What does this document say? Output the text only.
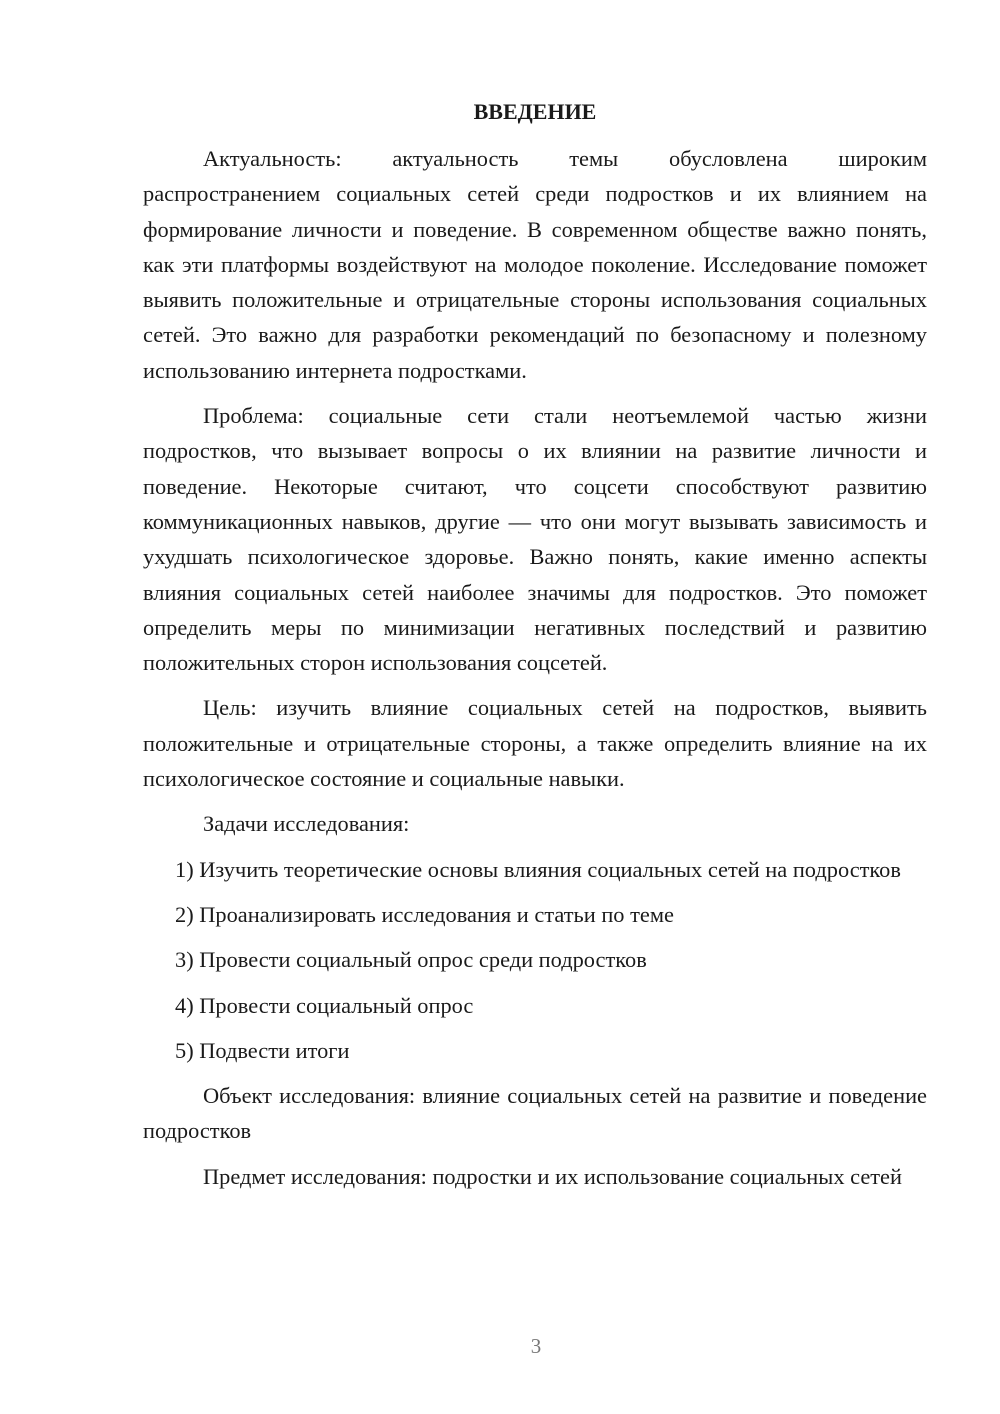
ВВЕДЕНИЕ

Актуальность: актуальность темы обусловлена широким распространением социальных сетей среди подростков и их влиянием на формирование личности и поведение. В современном обществе важно понять, как эти платформы воздействуют на молодое поколение. Исследование поможет выявить положительные и отрицательные стороны использования социальных сетей. Это важно для разработки рекомендаций по безопасному и полезному использованию интернета подростками.

Проблема: социальные сети стали неотъемлемой частью жизни подростков, что вызывает вопросы о их влиянии на развитие личности и поведение. Некоторые считают, что соцсети способствуют развитию коммуникационных навыков, другие — что они могут вызывать зависимость и ухудшать психологическое здоровье. Важно понять, какие именно аспекты влияния социальных сетей наиболее значимы для подростков. Это поможет определить меры по минимизации негативных последствий и развитию положительных сторон использования соцсетей.

Цель: изучить влияние социальных сетей на подростков, выявить положительные и отрицательные стороны, а также определить влияние на их психологическое состояние и социальные навыки.

Задачи исследования:

1) Изучить теоретические основы влияния социальных сетей на подростков

2) Проанализировать исследования и статьи по теме

3) Провести социальный опрос среди подростков

4) Провести социальный опрос

5) Подвести итоги

Объект исследования: влияние социальных сетей на развитие и поведение подростков

Предмет исследования: подростки и их использование социальных сетей

3
